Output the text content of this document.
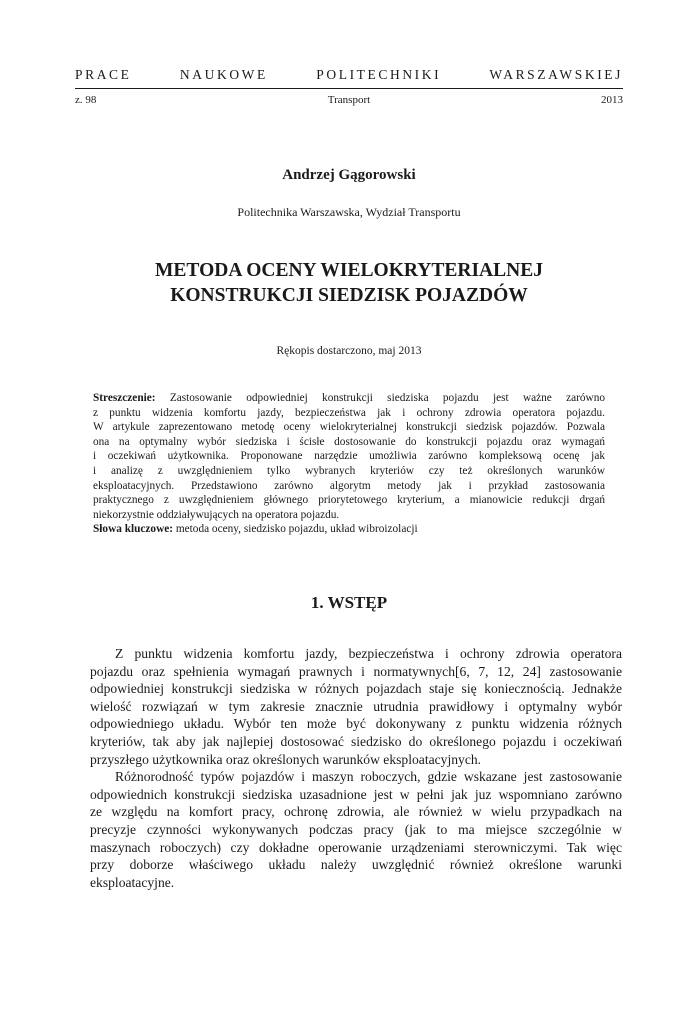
PRACE NAUKOWE POLITECHNIKI WARSZAWSKIEJ
z. 98	Transport	2013
Andrzej Gągorowski
Politechnika Warszawska, Wydział Transportu
METODA OCENY WIELOKRYTERIALNEJ
KONSTRUKCJI SIEDZISK POJAZDÓW
Rękopis dostarczono, maj 2013
Streszczenie: Zastosowanie odpowiedniej konstrukcji siedziska pojazdu jest ważne zarówno
z punktu widzenia komfortu jazdy, bezpieczeństwa jak i ochrony zdrowia operatora pojazdu.
W artykule zaprezentowano metodę oceny wielokryterialnej konstrukcji siedzisk pojazdów. Pozwala
ona na optymalny wybór siedziska i ścisłe dostosowanie do konstrukcji pojazdu oraz wymagań
i oczekiwań użytkownika. Proponowane narzędzie umożliwia zarówno kompleksową ocenę jak
i analizę z uwzględnieniem tylko wybranych kryteriów czy też określonych warunków
eksploatacyjnych. Przedstawiono zarówno algorytm metody jak i przykład zastosowania
praktycznego z uwzględnieniem głównego priorytetowego kryterium, a mianowicie redukcji drgań
niekorzystnie oddziaływujących na operatora pojazdu.
Słowa kluczowe: metoda oceny, siedzisko pojazdu, układ wibroizolacji
1. WSTĘP
Z punktu widzenia komfortu jazdy, bezpieczeństwa i ochrony zdrowia operatora
pojazdu oraz spełnienia wymagań prawnych i normatywnych[6, 7, 12, 24] zastosowanie
odpowiedniej konstrukcji siedziska w różnych pojazdach staje się koniecznością. Jednakże
wielość rozwiązań w tym zakresie znacznie utrudnia prawidłowy i optymalny wybór
odpowiedniego układu. Wybór ten może być dokonywany z punktu widzenia różnych
kryteriów, tak aby jak najlepiej dostosować siedzisko do określonego pojazdu i oczekiwań
przyszłego użytkownika oraz określonych warunków eksploatacyjnych.
Różnorodność typów pojazdów i maszyn roboczych, gdzie wskazane jest zastosowanie
odpowiednich konstrukcji siedziska uzasadnione jest w pełni jak juz wspomniano zarówno
ze względu na komfort pracy, ochronę zdrowia, ale również w wielu przypadkach na
precyzje czynności wykonywanych podczas pracy (jak to ma miejsce szczególnie w
maszynach roboczych) czy dokładne operowanie urządzeniami sterowniczymi. Tak więc
przy doborze właściwego układu należy uwzględnić również określone warunki
eksploatacyjne.
